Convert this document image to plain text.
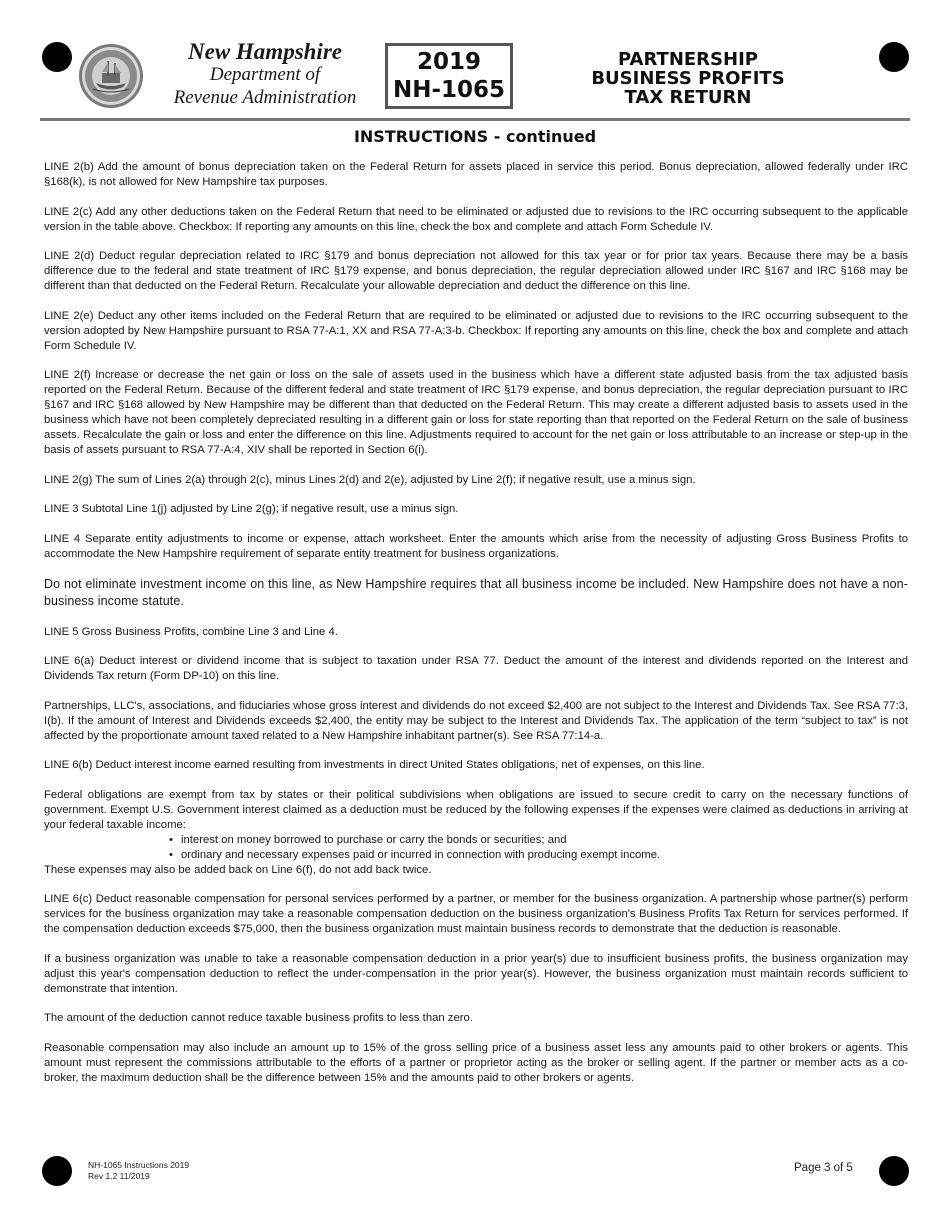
New Hampshire
Department of
Revenue Administration
2019
NH-1065
PARTNERSHIP
BUSINESS PROFITS
TAX RETURN
INSTRUCTIONS - continued

LINE 2(b) Add the amount of bonus depreciation taken on the Federal Return for assets placed in service this period. Bonus depreciation, allowed federally under IRC §168(k), is not allowed for New Hampshire tax purposes.

LINE 2(c) Add any other deductions taken on the Federal Return that need to be eliminated or adjusted due to revisions to the IRC occurring subsequent to the applicable version in the table above. Checkbox: If reporting any amounts on this line, check the box and complete and attach Form Schedule IV.

LINE 2(d) Deduct regular depreciation related to IRC §179 and bonus depreciation not allowed for this tax year or for prior tax years. Because there may be a basis difference due to the federal and state treatment of IRC §179 expense, and bonus depreciation, the regular depreciation allowed under IRC §167 and IRC §168 may be different than that deducted on the Federal Return. Recalculate your allowable depreciation and deduct the difference on this line.

LINE 2(e) Deduct any other items included on the Federal Return that are required to be eliminated or adjusted due to revisions to the IRC occurring subsequent to the version adopted by New Hampshire pursuant to RSA 77-A:1, XX and RSA 77-A:3-b. Checkbox: If reporting any amounts on this line, check the box and complete and attach Form Schedule IV.

LINE 2(f) Increase or decrease the net gain or loss on the sale of assets used in the business which have a different state adjusted basis from the tax adjusted basis reported on the Federal Return. Because of the different federal and state treatment of IRC §179 expense, and bonus depreciation, the regular depreciation pursuant to IRC §167 and IRC §168 allowed by New Hampshire may be different than that deducted on the Federal Return. This may create a different adjusted basis to assets used in the business which have not been completely depreciated resulting in a different gain or loss for state reporting than that reported on the Federal Return on the sale of business assets. Recalculate the gain or loss and enter the difference on this line. Adjustments required to account for the net gain or loss attributable to an increase or step-up in the basis of assets pursuant to RSA 77-A:4, XIV shall be reported in Section 6(i).

LINE 2(g) The sum of Lines 2(a) through 2(c), minus Lines 2(d) and 2(e), adjusted by Line 2(f); if negative result, use a minus sign.

LINE 3 Subtotal Line 1(j) adjusted by Line 2(g); if negative result, use a minus sign.

LINE 4 Separate entity adjustments to income or expense, attach worksheet. Enter the amounts which arise from the necessity of adjusting Gross Business Profits to accommodate the New Hampshire requirement of separate entity treatment for business organizations.

Do not eliminate investment income on this line, as New Hampshire requires that all business income be included. New Hampshire does not have a non-business income statute.

LINE 5 Gross Business Profits, combine Line 3 and Line 4.

LINE 6(a) Deduct interest or dividend income that is subject to taxation under RSA 77. Deduct the amount of the interest and dividends reported on the Interest and Dividends Tax return (Form DP-10) on this line.

Partnerships, LLC's, associations, and fiduciaries whose gross interest and dividends do not exceed $2,400 are not subject to the Interest and Dividends Tax. See RSA 77:3, I(b). If the amount of Interest and Dividends exceeds $2,400, the entity may be subject to the Interest and Dividends Tax. The application of the term “subject to tax” is not affected by the proportionate amount taxed related to a New Hampshire inhabitant partner(s). See RSA 77:14-a.

LINE 6(b) Deduct interest income earned resulting from investments in direct United States obligations, net of expenses, on this line.

Federal obligations are exempt from tax by states or their political subdivisions when obligations are issued to secure credit to carry on the necessary functions of government. Exempt U.S. Government interest claimed as a deduction must be reduced by the following expenses if the expenses were claimed as deductions in arriving at your federal taxable income:

• interest on money borrowed to purchase or carry the bonds or securities; and
• ordinary and necessary expenses paid or incurred in connection with producing exempt income.

These expenses may also be added back on Line 6(f), do not add back twice.

LINE 6(c) Deduct reasonable compensation for personal services performed by a partner, or member for the business organization. A partnership whose partner(s) perform services for the business organization may take a reasonable compensation deduction on the business organization's Business Profits Tax Return for services performed. If the compensation deduction exceeds $75,000, then the business organization must maintain business records to demonstrate that the deduction is reasonable.

If a business organization was unable to take a reasonable compensation deduction in a prior year(s) due to insufficient business profits, the business organization may adjust this year's compensation deduction to reflect the under-compensation in the prior year(s). However, the business organization must maintain records sufficient to demonstrate that intention.

The amount of the deduction cannot reduce taxable business profits to less than zero.

Reasonable compensation may also include an amount up to 15% of the gross selling price of a business asset less any amounts paid to other brokers or agents. This amount must represent the commissions attributable to the efforts of a partner or proprietor acting as the broker or selling agent. If the partner or member acts as a co-broker, the maximum deduction shall be the difference between 15% and the amounts paid to other brokers or agents.

NH-1065 Instructions 2019
Rev 1.2 11/2019
Page 3 of 5
